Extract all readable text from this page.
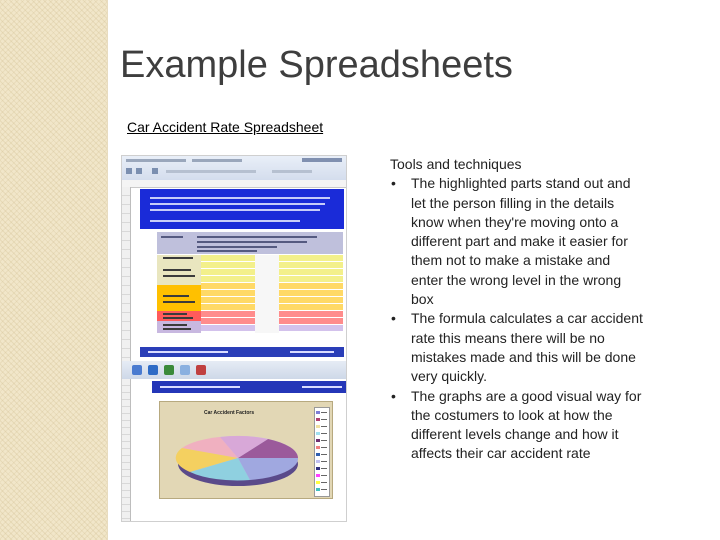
Example Spreadsheets
Car Accident Rate Spreadsheet
Car Accident Factors
Tools and techniques
• The highlighted parts stand out and let the person filling in the details know when they're moving onto a different part and make it easier for them not to make a mistake and enter the wrong level in the wrong box
• The formula calculates a car accident rate this means there will be no mistakes made and this will be done very quickly.
• The graphs are a good visual way for the costumers to look at how the different levels change and how it affects their car accident rate
